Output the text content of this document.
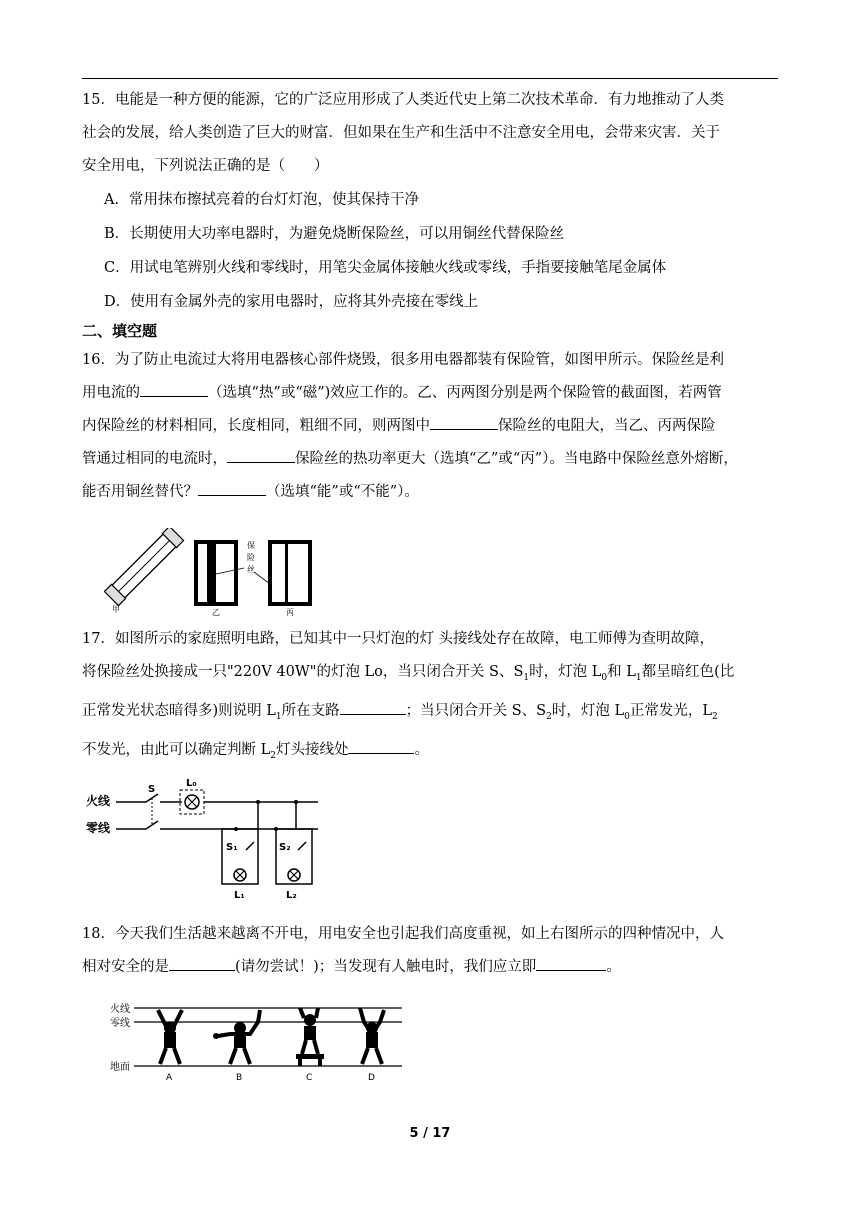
15．电能是一种方便的能源，它的广泛应用形成了人类近代史上第二次技术革命．有力地推动了人类

社会的发展，给人类创造了巨大的财富．但如果在生产和生活中不注意安全用电，会带来灾害．关于

安全用电，下列说法正确的是（　　）

A．常用抹布擦拭亮着的台灯灯泡，使其保持干净
B．长期使用大功率电器时，为避免烧断保险丝，可以用铜丝代替保险丝
C．用试电笔辨别火线和零线时，用笔尖金属体接触火线或零线，手指要接触笔尾金属体
D．使用有金属外壳的家用电器时，应将其外壳接在零线上
二、填空题

16．为了防止电流过大将用电器核心部件烧毁，很多用电器都装有保险管，如图甲所示。保险丝是利

用电流的	（选填“热”或“磁”)效应工作的。乙、丙两图分别是两个保险管的截面图，若两管

内保险丝的材料相同，长度相同，粗细不同，则两图中	保险丝的电阻大，当乙、丙两保险

管通过相同的电流时，	保险丝的热功率更大（选填“乙”或“丙”）。当电路中保险丝意外熔断，

能否用铜丝替代？	（选填“能”或“不能”）。

甲	乙
保
险
丝
丙

17．如图所示的家庭照明电路，已知其中一只灯泡的灯 头接线处存在故障，电工师傅为查明故障，

将保险丝处换接成一只"220V 40W"的灯泡 Lo，当只闭合开关 S、$S_1$时，灯泡 $L_0$和 $L_1$都呈暗红色(比

正常发光状态暗得多)则说明 $L_1$所在支路	；当只闭合开关 S、$S_2$时，灯泡 $L_0$正常发光，$L_2$

不发光，由此可以确定判断 $L_2$灯头接线处	。

火线
零线
S
L₀
S₁
L₁
S₂
L₂

18．今天我们生活越来越离不开电，用电安全也引起我们高度重视，如上右图所示的四种情况中，人

相对安全的是	(请勿尝试！)；当发现有人触电时，我们应立即	。

火线
零线
地面
A	B	C	D
5 / 17
